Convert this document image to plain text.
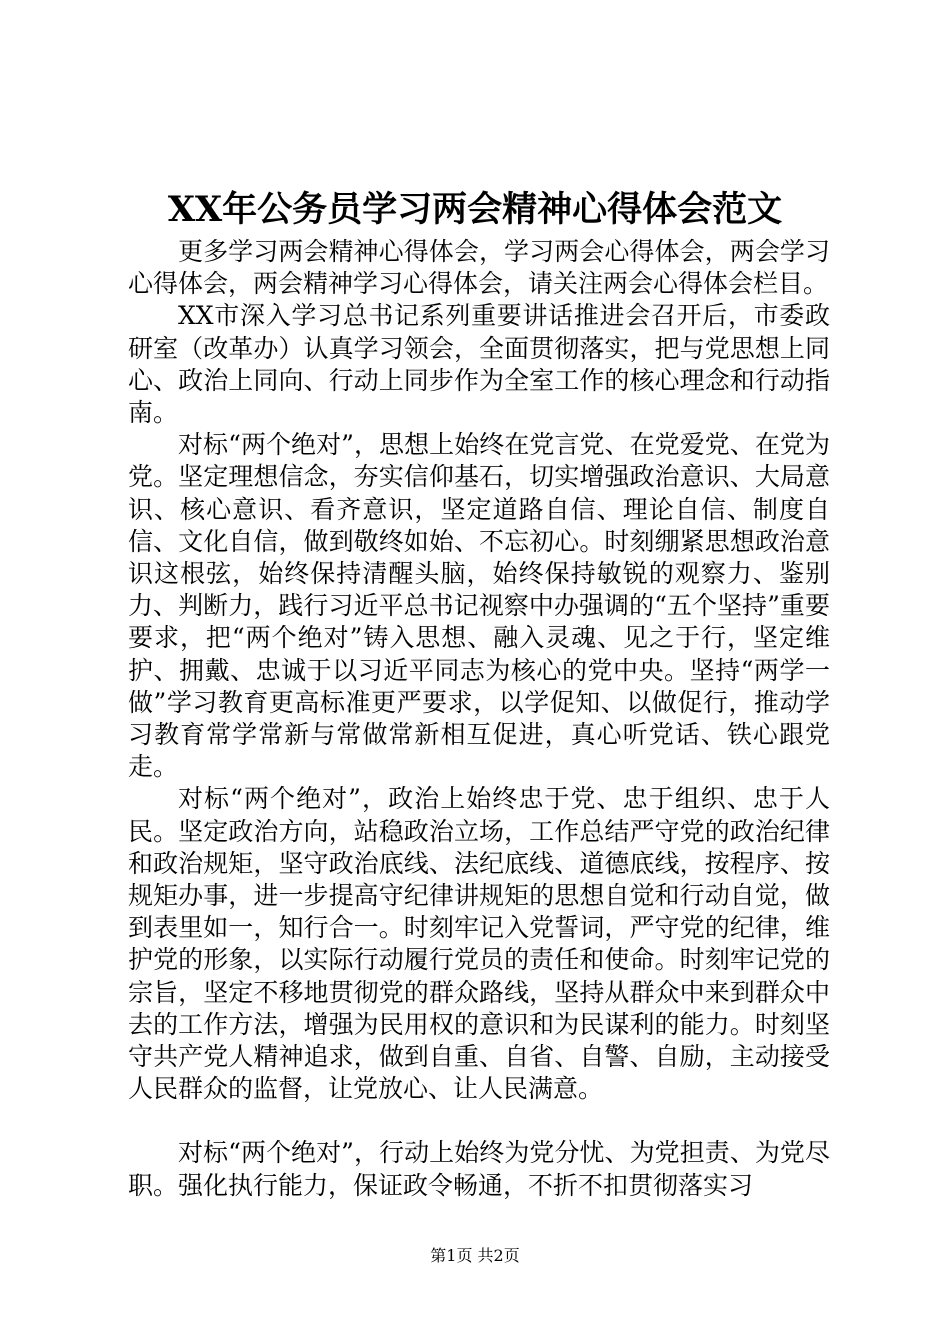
XX年公务员学习两会精神心得体会范文

更多学习两会精神心得体会，学习两会心得体会，两会学习心得体会，两会精神学习心得体会，请关注两会心得体会栏目。

XX市深入学习总书记系列重要讲话推进会召开后，市委政研室（改革办）认真学习领会，全面贯彻落实，把与党思想上同心、政治上同向、行动上同步作为全室工作的核心理念和行动指南。

对标“两个绝对”，思想上始终在党言党、在党爱党、在党为党。坚定理想信念，夯实信仰基石，切实增强政治意识、大局意识、核心意识、看齐意识，坚定道路自信、理论自信、制度自信、文化自信，做到敬终如始、不忘初心。时刻绷紧思想政治意识这根弦，始终保持清醒头脑，始终保持敏锐的观察力、鉴别力、判断力，践行习近平总书记视察中办强调的“五个坚持”重要要求，把“两个绝对”铸入思想、融入灵魂、见之于行，坚定维护、拥戴、忠诚于以习近平同志为核心的党中央。坚持“两学一做”学习教育更高标准更严要求，以学促知、以做促行，推动学习教育常学常新与常做常新相互促进，真心听党话、铁心跟党走。

对标“两个绝对”，政治上始终忠于党、忠于组织、忠于人民。坚定政治方向，站稳政治立场，工作总结严守党的政治纪律和政治规矩，坚守政治底线、法纪底线、道德底线，按程序、按规矩办事，进一步提高守纪律讲规矩的思想自觉和行动自觉，做到表里如一，知行合一。时刻牢记入党誓词，严守党的纪律，维护党的形象，以实际行动履行党员的责任和使命。时刻牢记党的宗旨，坚定不移地贯彻党的群众路线，坚持从群众中来到群众中去的工作方法，增强为民用权的意识和为民谋利的能力。时刻坚守共产党人精神追求，做到自重、自省、自警、自励，主动接受人民群众的监督，让党放心、让人民满意。

对标“两个绝对”，行动上始终为党分忧、为党担责、为党尽职。强化执行能力，保证政令畅通，不折不扣贯彻落实习

第1页 共2页
